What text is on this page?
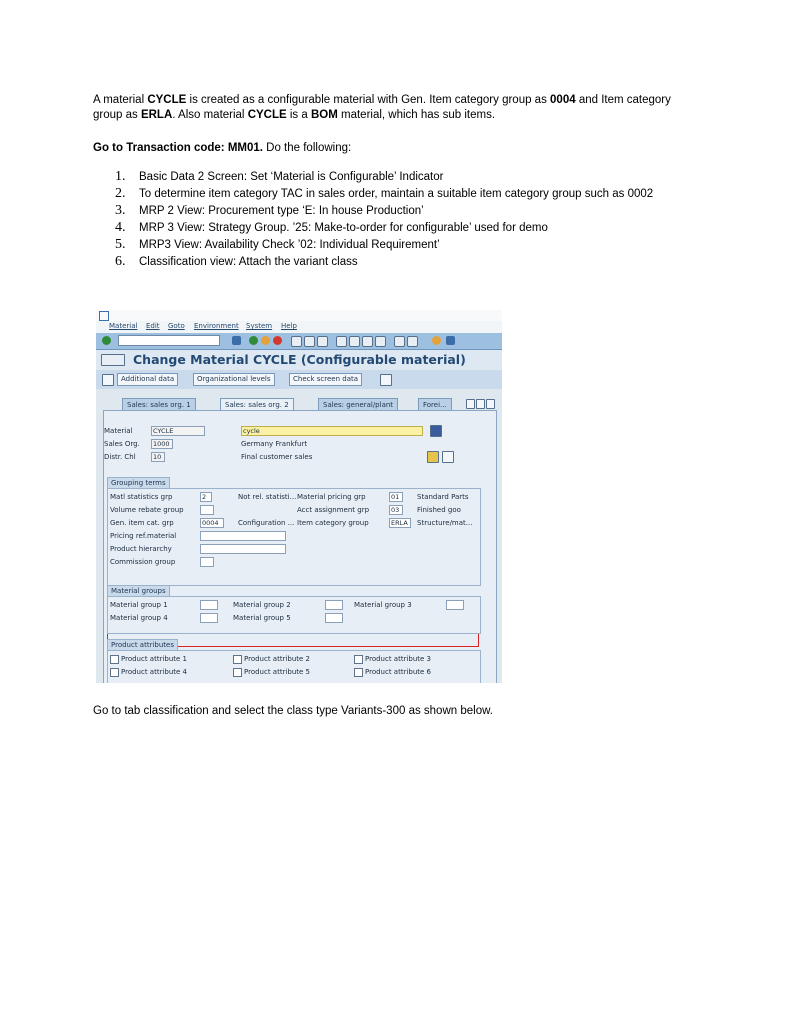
A material CYCLE is created as a configurable material with Gen. Item category group as 0004 and Item category group as ERLA. Also material CYCLE is a BOM material, which has sub items.

Go to Transaction code: MM01. Do the following:

1. Basic Data 2 Screen: Set ‘Material is Configurable’ Indicator
2. To determine item category TAC in sales order, maintain a suitable item category group such as 0002
3. MRP 2 View: Procurement type ‘E: In house Production’
4. MRP 3 View: Strategy Group. ’25: Make-to-order for configurable’ used for demo
5. MRP3 View: Availability Check ’02: Individual Requirement’
6. Classification view: Attach the variant class
Material Edit Goto Environment System Help
Change Material CYCLE (Configurable material)
Additional data	Organizational levels	Check screen data
Sales: sales org. 1	Sales: sales org. 2	Sales: general/plant	Forei...
Material	CYCLE	cycle
Sales Org.	1000	Germany Frankfurt
Distr. Chl	10	Final customer sales
Grouping terms
Matl statistics grp	2	Not rel. statisti... Material pricing grp	01	Standard Parts
Volume rebate group	Acct assignment grp	03	Finished goo
Gen. item cat. grp	0004	Configuration ... Item category group	ERLA	Structure/mat...
Pricing ref.material
Product hierarchy
Commission group
Material groups
Material group 1	Material group 2	Material group 3
Material group 4	Material group 5
Product attributes
Product attribute 1	Product attribute 2	Product attribute 3
Product attribute 4	Product attribute 5	Product attribute 6

Go to tab classification and select the class type Variants-300 as shown below.
